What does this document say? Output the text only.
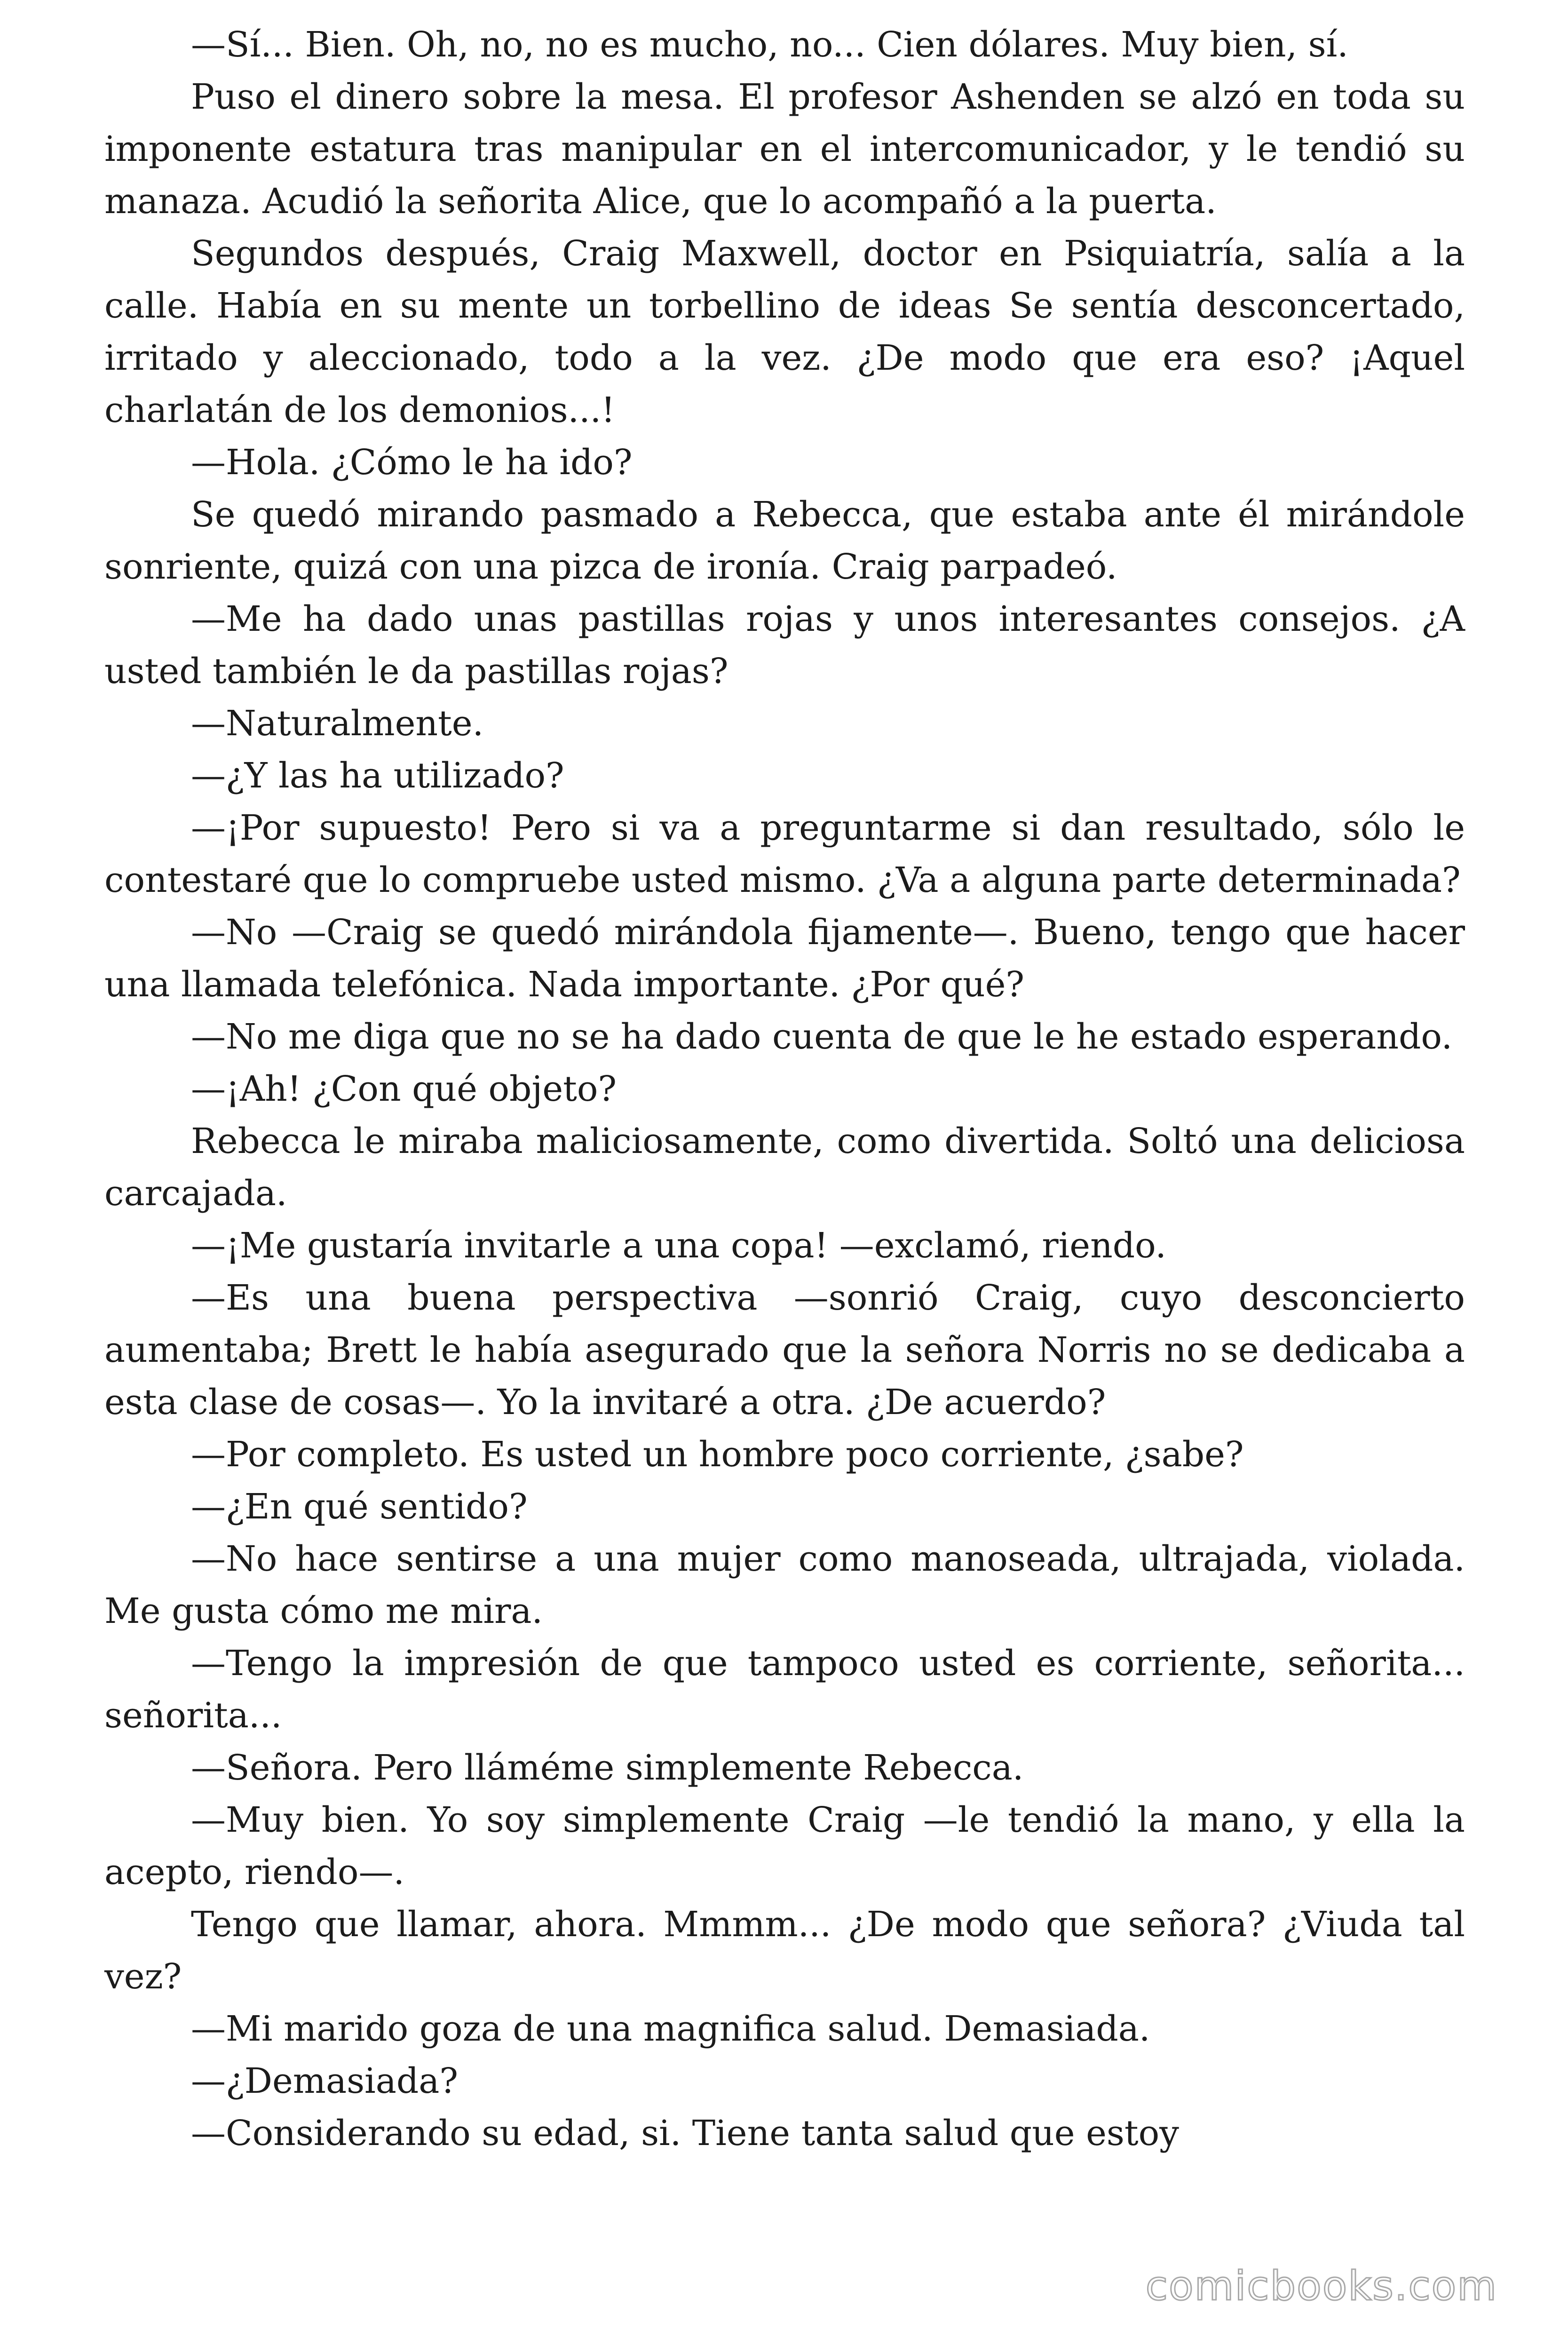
—Sí... Bien. Oh, no, no es mucho, no... Cien dólares. Muy bien, sí.

Puso el dinero sobre la mesa. El profesor Ashenden se alzó en toda su imponente estatura tras manipular en el intercomunicador, y le tendió su manaza. Acudió la señorita Alice, que lo acompañó a la puerta.

Segundos después, Craig Maxwell, doctor en Psiquiatría, salía a la calle. Había en su mente un torbellino de ideas Se sentía desconcertado, irritado y aleccionado, todo a la vez. ¿De modo que era eso? ¡Aquel charlatán de los demonios...!

—Hola. ¿Cómo le ha ido?

Se quedó mirando pasmado a Rebecca, que estaba ante él mirándole sonriente, quizá con una pizca de ironía. Craig parpadeó.

—Me ha dado unas pastillas rojas y unos interesantes consejos. ¿A usted también le da pastillas rojas?

—Naturalmente.

—¿Y las ha utilizado?

—¡Por supuesto! Pero si va a preguntarme si dan resultado, sólo le contestaré que lo compruebe usted mismo. ¿Va a alguna parte determinada?

—No —Craig se quedó mirándola fijamente—. Bueno, tengo que hacer una llamada telefónica. Nada importante. ¿Por qué?

—No me diga que no se ha dado cuenta de que le he estado esperando.

—¡Ah! ¿Con qué objeto?

Rebecca le miraba maliciosamente, como divertida. Soltó una deliciosa carcajada.

—¡Me gustaría invitarle a una copa! —exclamó, riendo.

—Es una buena perspectiva —sonrió Craig, cuyo desconcierto aumentaba; Brett le había asegurado que la señora Norris no se dedicaba a esta clase de cosas—. Yo la invitaré a otra. ¿De acuerdo?

—Por completo. Es usted un hombre poco corriente, ¿sabe?

—¿En qué sentido?

—No hace sentirse a una mujer como manoseada, ultrajada, violada. Me gusta cómo me mira.

—Tengo la impresión de que tampoco usted es corriente, señorita... señorita...

—Señora. Pero lláméme simplemente Rebecca.

—Muy bien. Yo soy simplemente Craig —le tendió la mano, y ella la acepto, riendo—.

Tengo que llamar, ahora. Mmmm... ¿De modo que señora? ¿Viuda tal vez?

—Mi marido goza de una magnifica salud. Demasiada.

—¿Demasiada?

—Considerando su edad, si. Tiene tanta salud que estoy

comicbooks.com
